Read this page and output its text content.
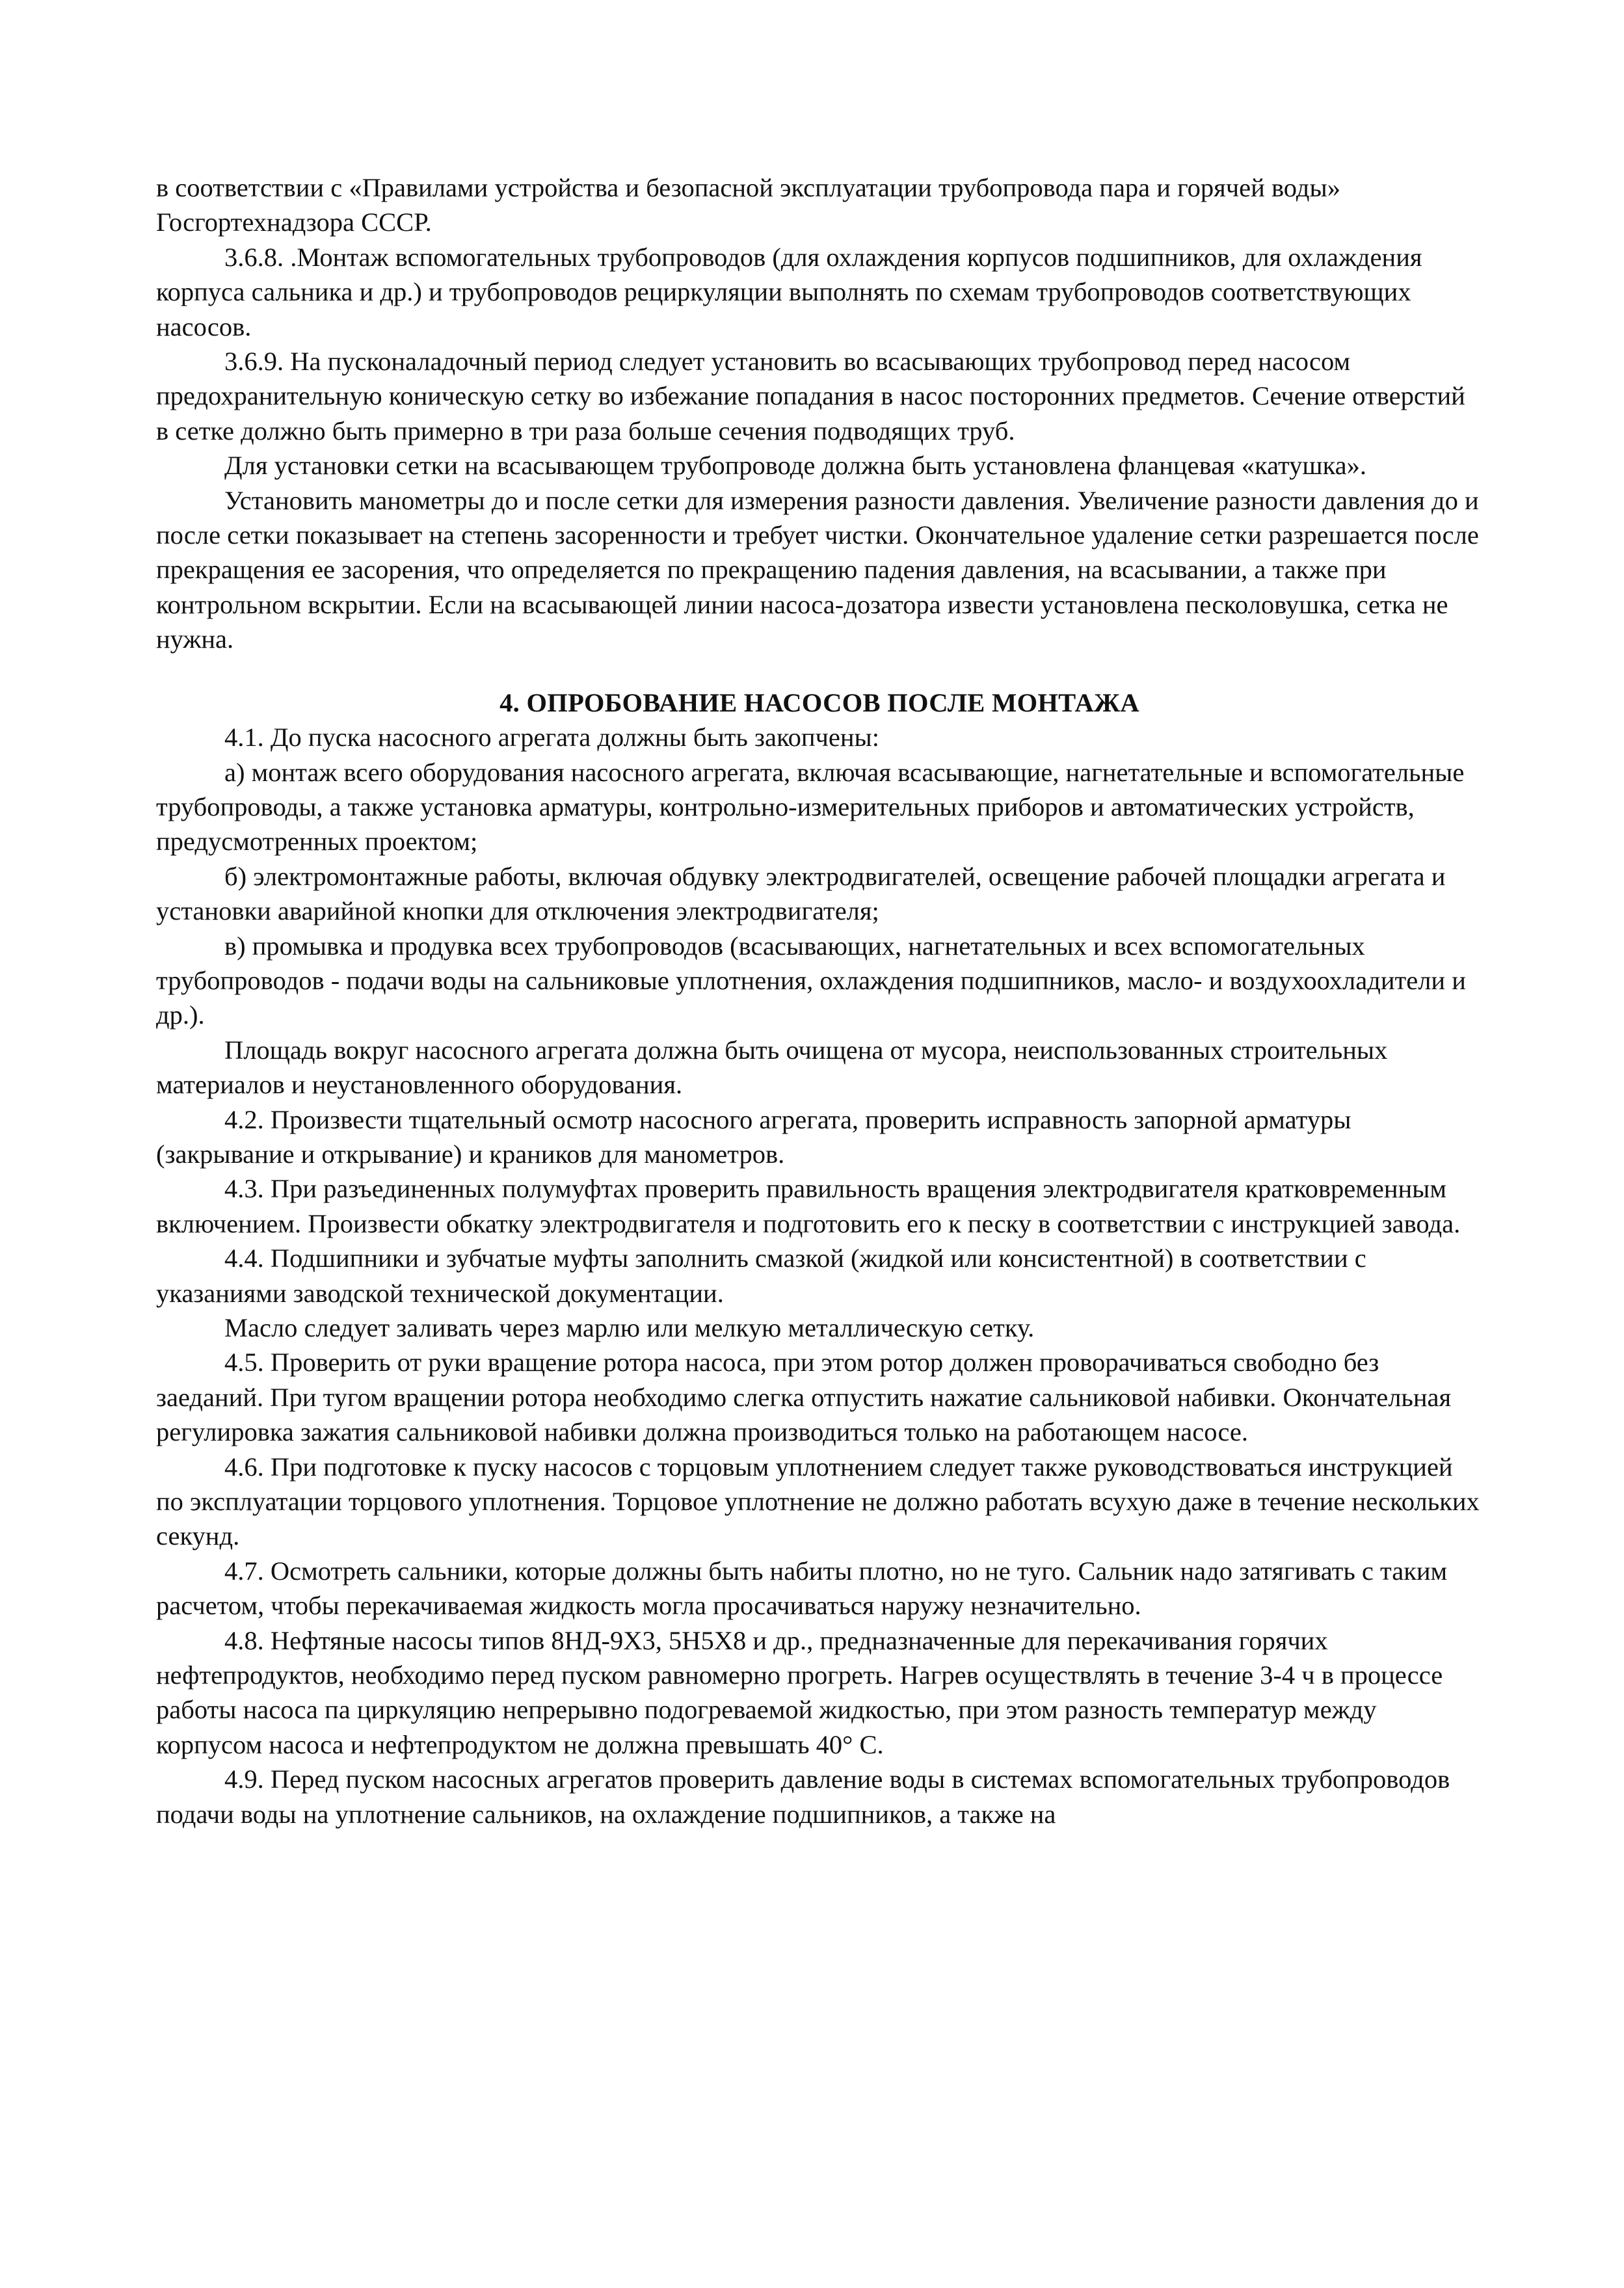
в соответствии с «Правилами устройства и безопасной эксплуатации трубопровода пара и горячей воды» Госгортехнадзора СССР.

3.6.8. .Монтаж вспомогательных трубопроводов (для охлаждения корпусов подшипников, для охлаждения корпуса сальника и др.) и трубопроводов рециркуляции выполнять по схемам трубопроводов соответствующих насосов.

3.6.9. На пусконаладочный период следует установить во всасывающих трубопровод перед насосом предохранительную коническую сетку во избежание попадания в насос посторонних предметов. Сечение отверстий в сетке должно быть примерно в три раза больше сечения подводящих труб.

Для установки сетки на всасывающем трубопроводе должна быть установлена фланцевая «катушка».

Установить манометры до и после сетки для измерения разности давления. Увеличение разности давления до и после сетки показывает на степень засоренности и требует чистки. Окончательное удаление сетки разрешается после прекращения ее засорения, что определяется по прекращению падения давления, на всасывании, а также при контрольном вскрытии. Если на всасывающей линии насоса-дозатора извести установлена песколовушка, сетка не нужна.

4. ОПРОБОВАНИЕ НАСОСОВ ПОСЛЕ МОНТАЖА

4.1. До пуска насосного агрегата должны быть закопчены:

а) монтаж всего оборудования насосного агрегата, включая всасывающие, нагнетательные и вспомогательные трубопроводы, а также установка арматуры, контрольно-измерительных приборов и автоматических устройств, предусмотренных проектом;

б) электромонтажные работы, включая обдувку электродвигателей, освещение рабочей площадки агрегата и установки аварийной кнопки для отключения электродвигателя;

в) промывка и продувка всех трубопроводов (всасывающих, нагнетательных и всех вспомогательных трубопроводов - подачи воды на сальниковые уплотнения, охлаждения подшипников, масло- и воздухоохладители и др.).

Площадь вокруг насосного агрегата должна быть очищена от мусора, неиспользованных строительных материалов и неустановленного оборудования.

4.2. Произвести тщательный осмотр насосного агрегата, проверить исправность запорной арматуры (закрывание и открывание) и краников для манометров.

4.3. При разъединенных полумуфтах проверить правильность вращения электродвигателя кратковременным включением. Произвести обкатку электродвигателя и подготовить его к песку в соответствии с инструкцией завода.

4.4. Подшипники и зубчатые муфты заполнить смазкой (жидкой или консистентной) в соответствии с указаниями заводской технической документации.

Масло следует заливать через марлю или мелкую металлическую сетку.

4.5. Проверить от руки вращение ротора насоса, при этом ротор должен проворачиваться свободно без заеданий. При тугом вращении ротора необходимо слегка отпустить нажатие сальниковой набивки. Окончательная регулировка зажатия сальниковой набивки должна производиться только на работающем насосе.

4.6. При подготовке к пуску насосов с торцовым уплотнением следует также руководствоваться инструкцией по эксплуатации торцового уплотнения. Торцовое уплотнение не должно работать всухую даже в течение нескольких секунд.

4.7. Осмотреть сальники, которые должны быть набиты плотно, но не туго. Сальник надо затягивать с таким расчетом, чтобы перекачиваемая жидкость могла просачиваться наружу незначительно.

4.8. Нефтяные насосы типов 8НД-9Х3, 5Н5Х8 и др., предназначенные для перекачивания горячих нефтепродуктов, необходимо перед пуском равномерно прогреть. Нагрев осуществлять в течение 3-4 ч в процессе работы насоса па циркуляцию непрерывно подогреваемой жидкостью, при этом разность температур между корпусом насоса и нефтепродуктом не должна превышать 40° С.

4.9. Перед пуском насосных агрегатов проверить давление воды в системах вспомогательных трубопроводов подачи воды на уплотнение сальников, на охлаждение подшипников, а также на
